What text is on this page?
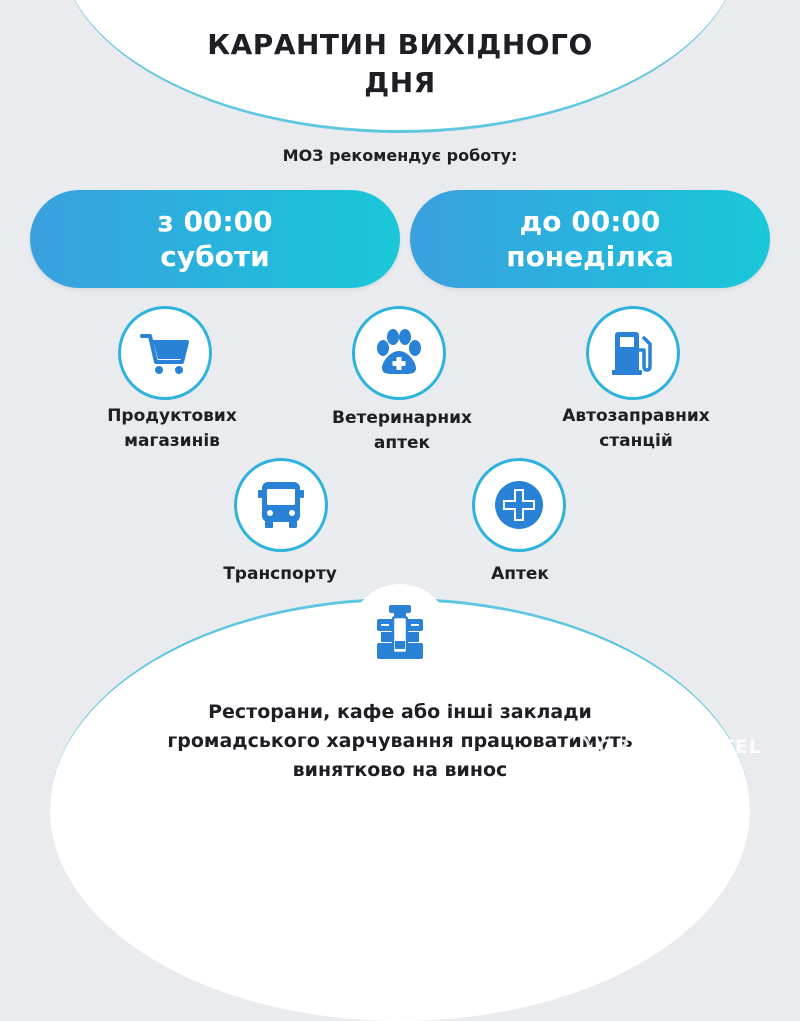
КАРАНТИН ВИХІДНОГО
ДНЯ
МОЗ рекомендує роботу:
з 00:00
суботи
до 00:00
понеділка
Продуктових
магазинів
Ветеринарних
аптек
Автозаправних
станцій
Транспорту	Аптек
Ресторани, кафе або інші заклади
громадського харчування працюватимуть
винятково на винос
OBOZREVATEL
